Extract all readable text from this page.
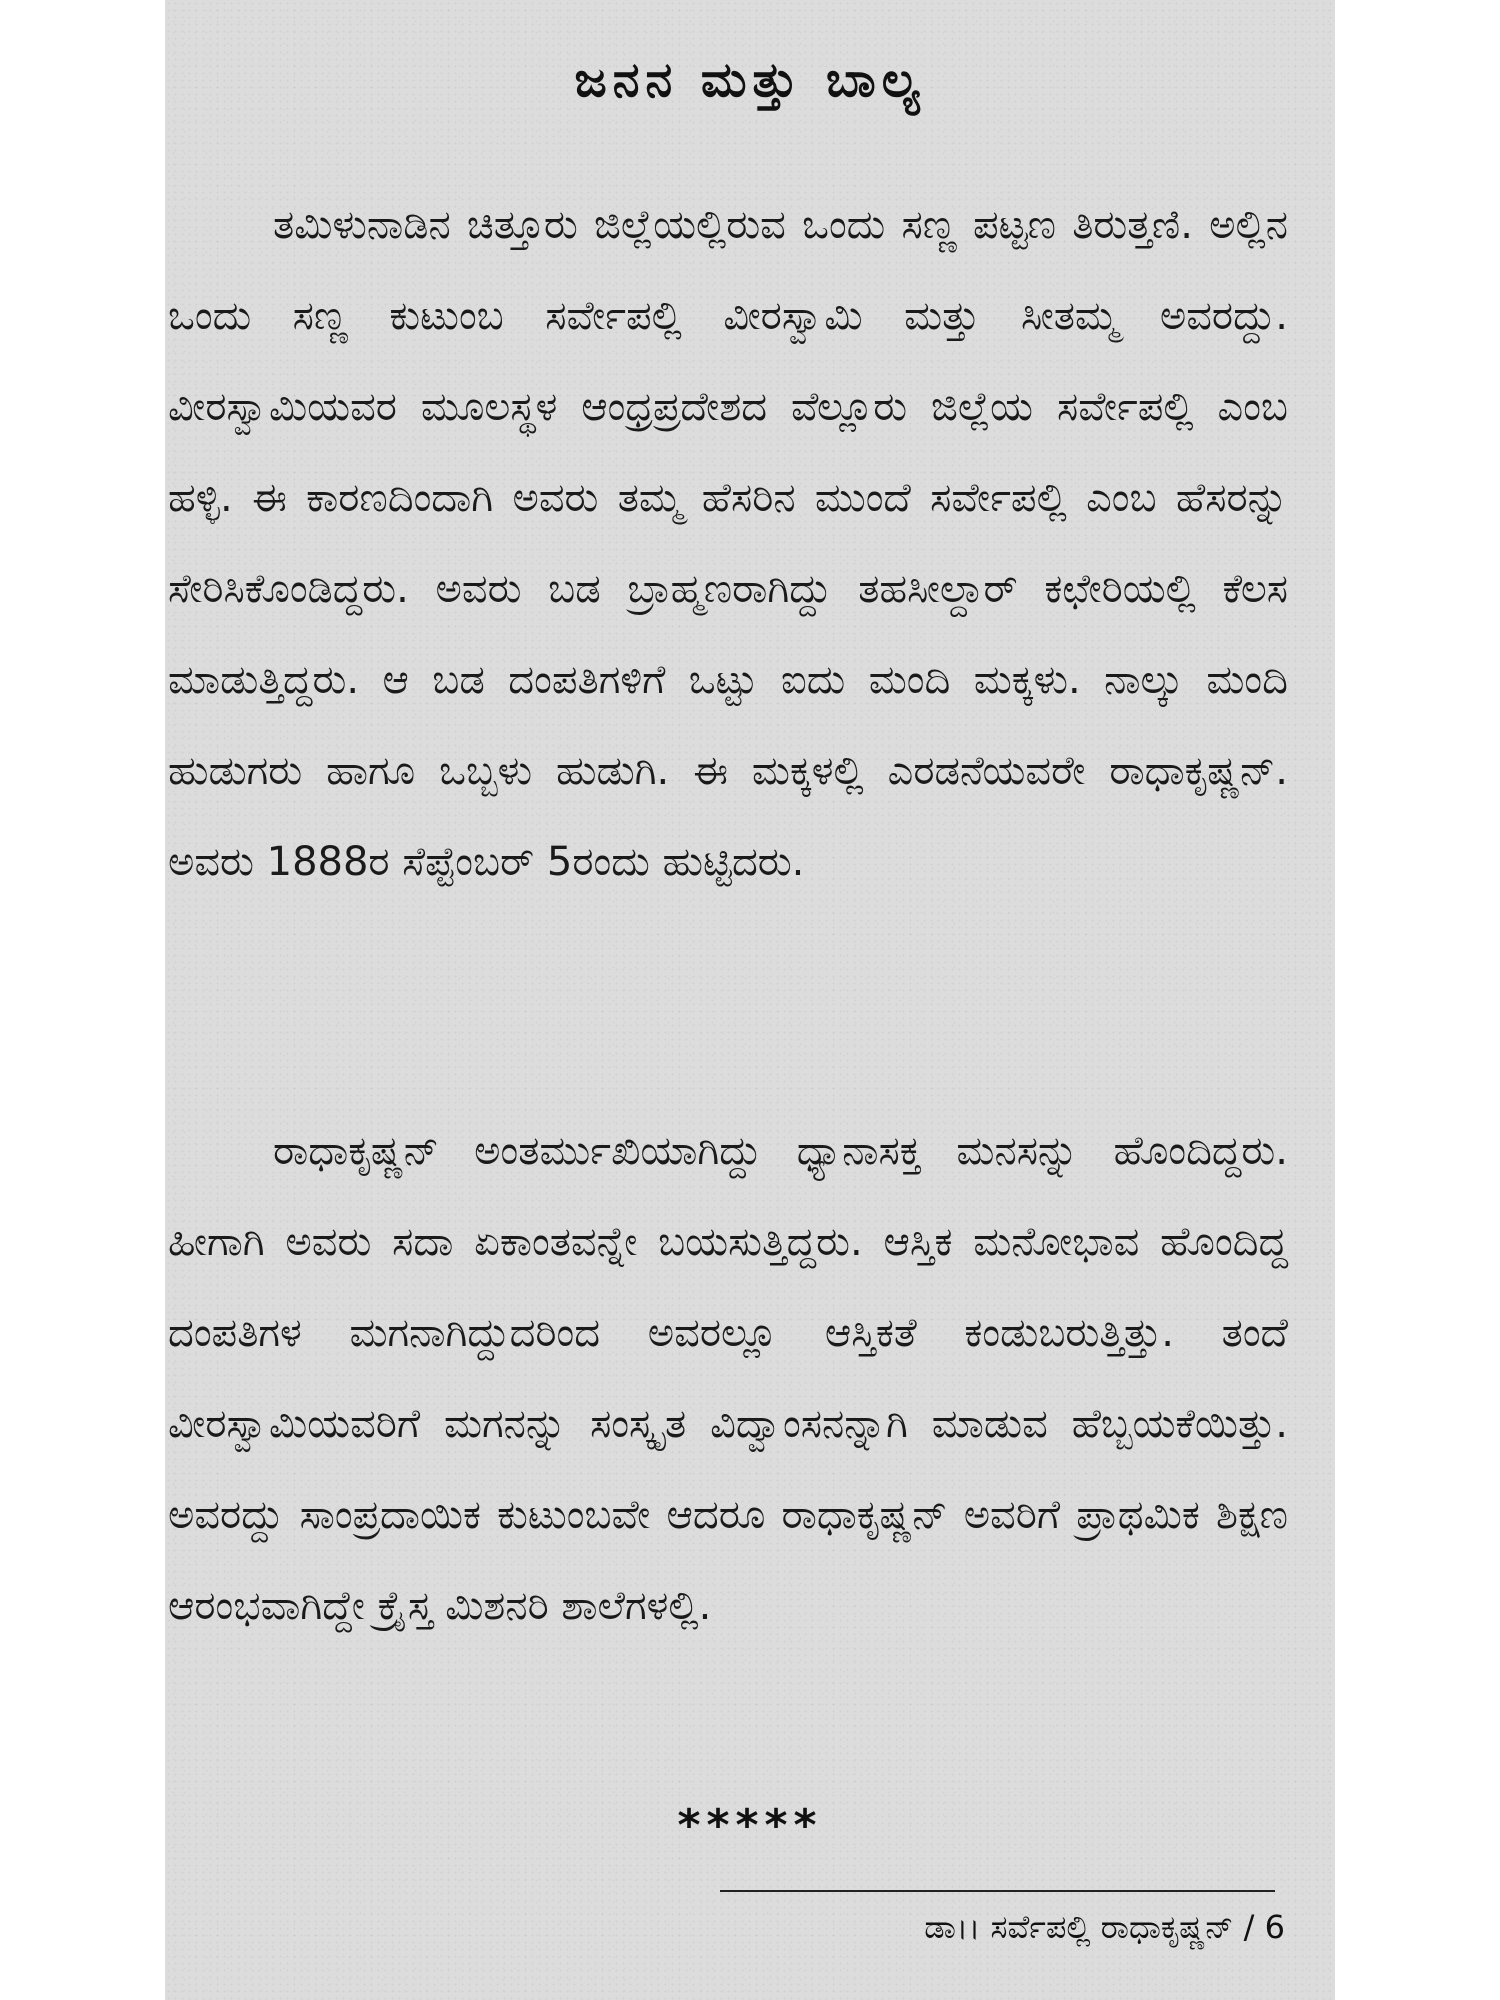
ಜನನ ಮತ್ತು ಬಾಲ್ಯ

ತಮಿಳುನಾಡಿನ ಚಿತ್ತೂರು ಜಿಲ್ಲೆಯಲ್ಲಿರುವ ಒಂದು ಸಣ್ಣ ಪಟ್ಟಣ ತಿರುತ್ತಣಿ. ಅಲ್ಲಿನ ಒಂದು ಸಣ್ಣ ಕುಟುಂಬ ಸರ್ವೇಪಲ್ಲಿ ವೀರಸ್ವಾಮಿ ಮತ್ತು ಸೀತಮ್ಮ ಅವರದ್ದು. ವೀರಸ್ವಾಮಿಯವರ ಮೂಲಸ್ಥಳ ಆಂಧ್ರಪ್ರದೇಶದ ವೆಲ್ಲೂರು ಜಿಲ್ಲೆಯ ಸರ್ವೇಪಲ್ಲಿ ಎಂಬ ಹಳ್ಳಿ. ಈ ಕಾರಣದಿಂದಾಗಿ ಅವರು ತಮ್ಮ ಹೆಸರಿನ ಮುಂದೆ ಸರ್ವೇಪಲ್ಲಿ ಎಂಬ ಹೆಸರನ್ನು ಸೇರಿಸಿಕೊಂಡಿದ್ದರು. ಅವರು ಬಡ ಬ್ರಾಹ್ಮಣರಾಗಿದ್ದು ತಹಸೀಲ್ದಾರ್ ಕಛೇರಿಯಲ್ಲಿ ಕೆಲಸ ಮಾಡುತ್ತಿದ್ದರು. ಆ ಬಡ ದಂಪತಿಗಳಿಗೆ ಒಟ್ಟು ಐದು ಮಂದಿ ಮಕ್ಕಳು. ನಾಲ್ಕು ಮಂದಿ ಹುಡುಗರು ಹಾಗೂ ಒಬ್ಬಳು ಹುಡುಗಿ. ಈ ಮಕ್ಕಳಲ್ಲಿ ಎರಡನೆಯವರೇ ರಾಧಾಕೃಷ್ಣನ್. ಅವರು 1888ರ ಸೆಪ್ಟೆಂಬರ್ 5ರಂದು ಹುಟ್ಟಿದರು.

ರಾಧಾಕೃಷ್ಣನ್ ಅಂತರ್ಮುಖಿಯಾಗಿದ್ದು ಧ್ಯಾನಾಸಕ್ತ ಮನಸನ್ನು ಹೊಂದಿದ್ದರು. ಹೀಗಾಗಿ ಅವರು ಸದಾ ಏಕಾಂತವನ್ನೇ ಬಯಸುತ್ತಿದ್ದರು. ಆಸ್ತಿಕ ಮನೋಭಾವ ಹೊಂದಿದ್ದ ದಂಪತಿಗಳ ಮಗನಾಗಿದ್ದುದರಿಂದ ಅವರಲ್ಲೂ ಆಸ್ತಿಕತೆ ಕಂಡುಬರುತ್ತಿತ್ತು. ತಂದೆ ವೀರಸ್ವಾಮಿಯವರಿಗೆ ಮಗನನ್ನು ಸಂಸ್ಕೃತ ವಿದ್ವಾಂಸನನ್ನಾಗಿ ಮಾಡುವ ಹೆಬ್ಬಯಕೆಯಿತ್ತು. ಅವರದ್ದು ಸಾಂಪ್ರದಾಯಿಕ ಕುಟುಂಬವೇ ಆದರೂ ರಾಧಾಕೃಷ್ಣನ್ ಅವರಿಗೆ ಪ್ರಾಥಮಿಕ ಶಿಕ್ಷಣ ಆರಂಭವಾಗಿದ್ದೇ ಕ್ರೈಸ್ತ ಮಿಶನರಿ ಶಾಲೆಗಳಲ್ಲಿ.

*****
ಡಾ।। ಸರ್ವೆಪಲ್ಲಿ ರಾಧಾಕೃಷ್ಣನ್ / 6
